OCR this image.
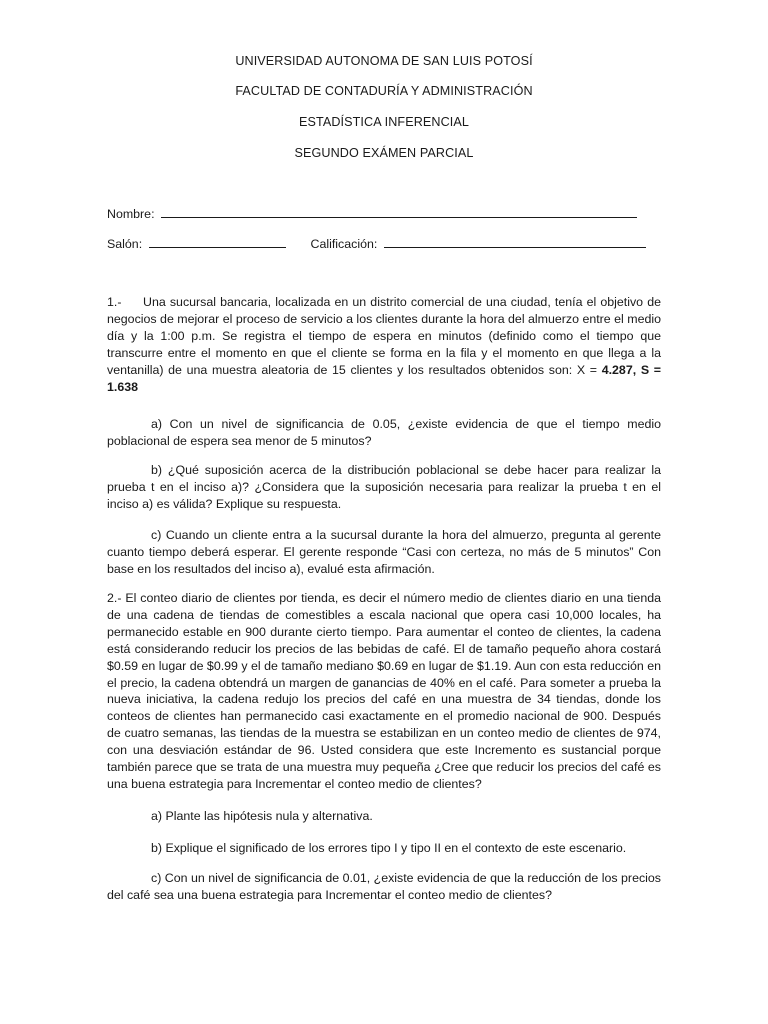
UNIVERSIDAD AUTONOMA DE SAN LUIS POTOSÍ
FACULTAD DE CONTADURÍA Y ADMINISTRACIÓN
ESTADÍSTICA INFERENCIAL
SEGUNDO EXÁMEN PARCIAL
Nombre:
Salón:	Calificación:
1.- Una sucursal bancaria, localizada en un distrito comercial de una ciudad, tenía el objetivo de negocios de mejorar el proceso de servicio a los clientes durante la hora del almuerzo entre el medio día y la 1:00 p.m. Se registra el tiempo de espera en minutos (definido como el tiempo que transcurre entre el momento en que el cliente se forma en la fila y el momento en que llega a la ventanilla) de una muestra aleatoria de 15 clientes y los resultados obtenidos son: X = 4.287, S = 1.638
a) Con un nivel de significancia de 0.05, ¿existe evidencia de que el tiempo medio poblacional de espera sea menor de 5 minutos?
b) ¿Qué suposición acerca de la distribución poblacional se debe hacer para realizar la prueba t en el inciso a)? ¿Considera que la suposición necesaria para realizar la prueba t en el inciso a) es válida? Explique su respuesta.
c) Cuando un cliente entra a la sucursal durante la hora del almuerzo, pregunta al gerente cuanto tiempo deberá esperar. El gerente responde “Casi con certeza, no más de 5 minutos” Con base en los resultados del inciso a), evalué esta afirmación.
2.- El conteo diario de clientes por tienda, es decir el número medio de clientes diario en una tienda de una cadena de tiendas de comestibles a escala nacional que opera casi 10,000 locales, ha permanecido estable en 900 durante cierto tiempo. Para aumentar el conteo de clientes, la cadena está considerando reducir los precios de las bebidas de café. El de tamaño pequeño ahora costará $0.59 en lugar de $0.99 y el de tamaño mediano $0.69 en lugar de $1.19. Aun con esta reducción en el precio, la cadena obtendrá un margen de ganancias de 40% en el café. Para someter a prueba la nueva iniciativa, la cadena redujo los precios del café en una muestra de 34 tiendas, donde los conteos de clientes han permanecido casi exactamente en el promedio nacional de 900. Después de cuatro semanas, las tiendas de la muestra se estabilizan en un conteo medio de clientes de 974, con una desviación estándar de 96. Usted considera que este Incremento es sustancial porque también parece que se trata de una muestra muy pequeña ¿Cree que reducir los precios del café es una buena estrategia para Incrementar el conteo medio de clientes?
a) Plante las hipótesis nula y alternativa.
b) Explique el significado de los errores tipo I y tipo II en el contexto de este escenario.
c) Con un nivel de significancia de 0.01, ¿existe evidencia de que la reducción de los precios del café sea una buena estrategia para Incrementar el conteo medio de clientes?
